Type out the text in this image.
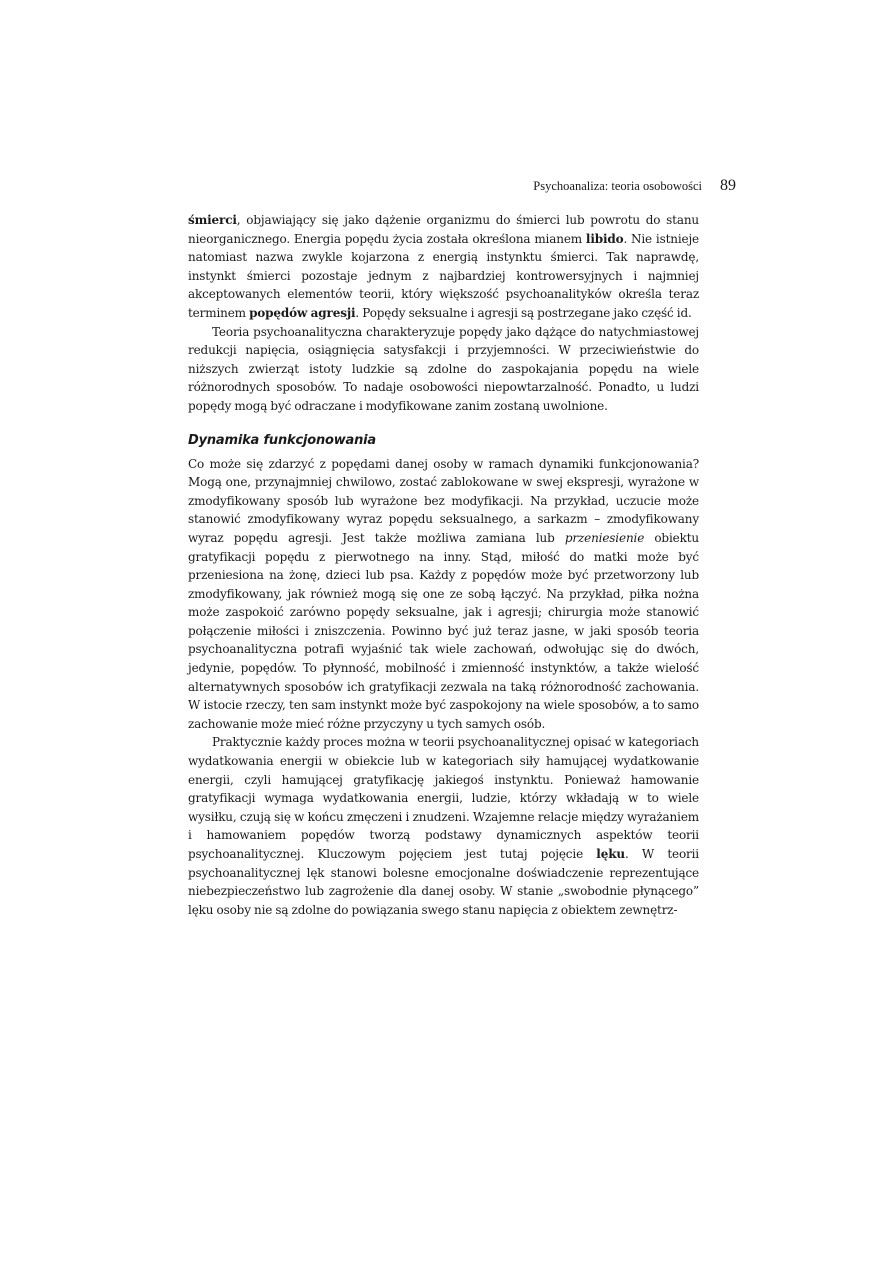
Psychoanaliza: teoria osobowości 89

śmierci, objawiający się jako dążenie organizmu do śmierci lub powrotu do stanu nieorganicznego. Energia popędu życia została określona mianem libido. Nie istnieje natomiast nazwa zwykle kojarzona z energią instynktu śmierci. Tak naprawdę, instynkt śmierci pozostaje jednym z najbardziej kontrowersyjnych i najmniej akceptowanych elementów teorii, który większość psychoanalityków określa teraz terminem popędów agresji. Popędy seksualne i agresji są postrzegane jako część id.

Teoria psychoanalityczna charakteryzuje popędy jako dążące do natychmiastowej redukcji napięcia, osiągnięcia satysfakcji i przyjemności. W przeciwieństwie do niższych zwierząt istoty ludzkie są zdolne do zaspokajania popędu na wiele różnorodnych sposobów. To nadaje osobowości niepowtarzalność. Ponadto, u ludzi popędy mogą być odraczane i modyfikowane zanim zostaną uwolnione.

Dynamika funkcjonowania

Co może się zdarzyć z popędami danej osoby w ramach dynamiki funkcjonowania? Mogą one, przynajmniej chwilowo, zostać zablokowane w swej ekspresji, wyrażone w zmodyfikowany sposób lub wyrażone bez modyfikacji. Na przykład, uczucie może stanowić zmodyfikowany wyraz popędu seksualnego, a sarkazm – zmodyfikowany wyraz popędu agresji. Jest także możliwa zamiana lub przeniesienie obiektu gratyfikacji popędu z pierwotnego na inny. Stąd, miłość do matki może być przeniesiona na żonę, dzieci lub psa. Każdy z popędów może być przetworzony lub zmodyfikowany, jak również mogą się one ze sobą łączyć. Na przykład, piłka nożna może zaspokoić zarówno popędy seksualne, jak i agresji; chirurgia może stanowić połączenie miłości i zniszczenia. Powinno być już teraz jasne, w jaki sposób teoria psychoanalityczna potrafi wyjaśnić tak wiele zachowań, odwołując się do dwóch, jedynie, popędów. To płynność, mobilność i zmienność instynktów, a także wielość alternatywnych sposobów ich gratyfikacji zezwala na taką różnorodność zachowania. W istocie rzeczy, ten sam instynkt może być zaspokojony na wiele sposobów, a to samo zachowanie może mieć różne przyczyny u tych samych osób.

Praktycznie każdy proces można w teorii psychoanalitycznej opisać w kategoriach wydatkowania energii w obiekcie lub w kategoriach siły hamującej wydatkowanie energii, czyli hamującej gratyfikację jakiegoś instynktu. Ponieważ hamowanie gratyfikacji wymaga wydatkowania energii, ludzie, którzy wkładają w to wiele wysiłku, czują się w końcu zmęczeni i znudzeni. Wzajemne relacje między wyrażaniem i hamowaniem popędów tworzą podstawy dynamicznych aspektów teorii psychoanalitycznej. Kluczowym pojęciem jest tutaj pojęcie lęku. W teorii psychoanalitycznej lęk stanowi bolesne emocjonalne doświadczenie reprezentujące niebezpieczeństwo lub zagrożenie dla danej osoby. W stanie „swobodnie płynącego” lęku osoby nie są zdolne do powiązania swego stanu napięcia z obiektem zewnętrz-
